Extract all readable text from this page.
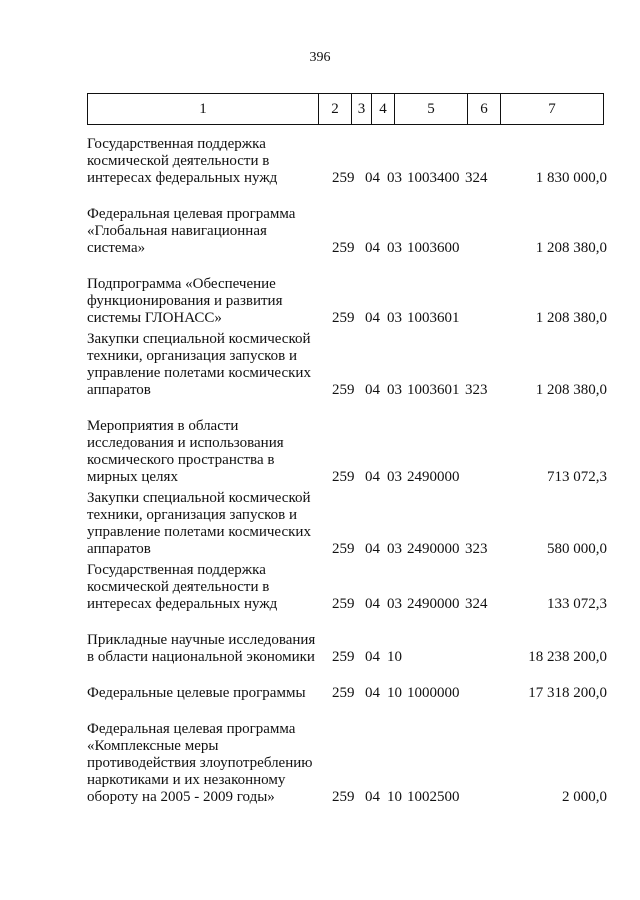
396
1	2	3	4	5	6	7
Государственная поддержка космической деятельности в интересах федеральных нужд	259	04	03	1003400	324	1 830 000,0
Федеральная целевая программа «Глобальная навигационная система»	259	04	03	1003600		1 208 380,0
Подпрограмма «Обеспечение функционирования и развития системы ГЛОНАСС»	259	04	03	1003601		1 208 380,0
Закупки специальной космической техники, организация запусков и управление полетами космических аппаратов	259	04	03	1003601	323	1 208 380,0
Мероприятия в области исследования и использования космического пространства в мирных целях	259	04	03	2490000		713 072,3
Закупки специальной космической техники, организация запусков и управление полетами космических аппаратов	259	04	03	2490000	323	580 000,0
Государственная поддержка космической деятельности в интересах федеральных нужд	259	04	03	2490000	324	133 072,3
Прикладные научные исследования в области национальной экономики	259	04	10			18 238 200,0
Федеральные целевые программы	259	04	10	1000000		17 318 200,0
Федеральная целевая программа «Комплексные меры противодействия злоупотреблению наркотиками и их незаконному обороту на 2005 - 2009 годы»	259	04	10	1002500		2 000,0
